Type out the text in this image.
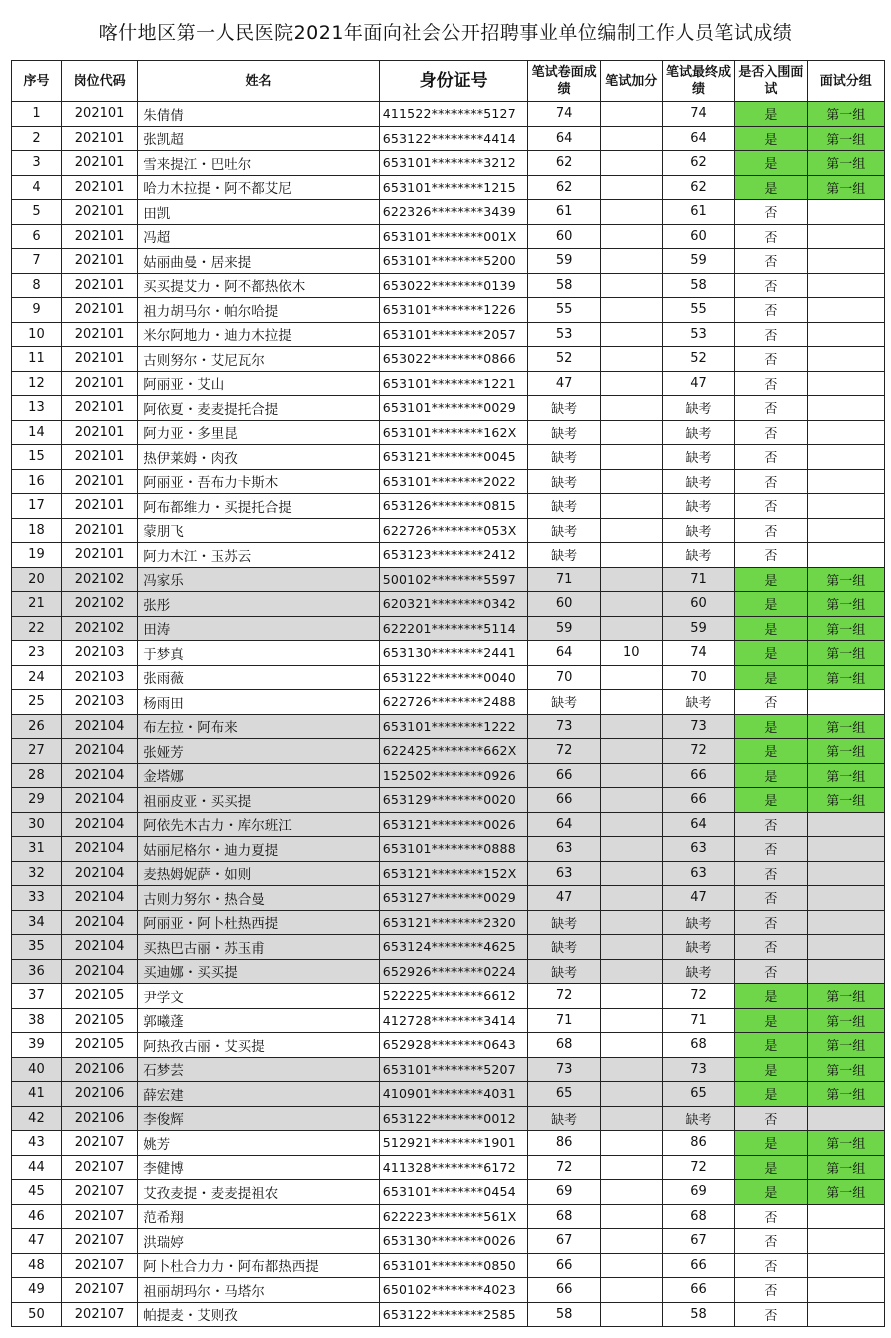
喀什地区第一人民医院2021年面向社会公开招聘事业单位编制工作人员笔试成绩
序号	岗位代码	姓名	身份证号	笔试卷面成绩	笔试加分	笔试最终成绩	是否入围面试	面试分组
1	202101	朱倩倩	411522********5127	74		74	是	第一组
2	202101	张凯超	653122********4414	64		64	是	第一组
3	202101	雪来提江・巴吐尔	653101********3212	62		62	是	第一组
4	202101	哈力木拉提・阿不都艾尼	653101********1215	62		62	是	第一组
5	202101	田凯	622326********3439	61		61	否	
6	202101	冯超	653101********001X	60		60	否	
7	202101	姑丽曲曼・居来提	653101********5200	59		59	否	
8	202101	买买提艾力・阿不都热依木	653022********0139	58		58	否	
9	202101	祖力胡马尔・帕尔哈提	653101********1226	55		55	否	
10	202101	米尔阿地力・迪力木拉提	653101********2057	53		53	否	
11	202101	古则努尔・艾尼瓦尔	653022********0866	52		52	否	
12	202101	阿丽亚・艾山	653101********1221	47		47	否	
13	202101	阿依夏・麦麦提托合提	653101********0029	缺考		缺考	否	
14	202101	阿力亚・多里昆	653101********162X	缺考		缺考	否	
15	202101	热伊莱姆・肉孜	653121********0045	缺考		缺考	否	
16	202101	阿丽亚・吾布力卡斯木	653101********2022	缺考		缺考	否	
17	202101	阿布都维力・买提托合提	653126********0815	缺考		缺考	否	
18	202101	蒙朋飞	622726********053X	缺考		缺考	否	
19	202101	阿力木江・玉苏云	653123********2412	缺考		缺考	否	
20	202102	冯家乐	500102********5597	71		71	是	第一组
21	202102	张彤	620321********0342	60		60	是	第一组
22	202102	田涛	622201********5114	59		59	是	第一组
23	202103	于梦真	653130********2441	64	10	74	是	第一组
24	202103	张雨薇	653122********0040	70		70	是	第一组
25	202103	杨雨田	622726********2488	缺考		缺考	否	
26	202104	布左拉・阿布来	653101********1222	73		73	是	第一组
27	202104	张娅芳	622425********662X	72		72	是	第一组
28	202104	金塔娜	152502********0926	66		66	是	第一组
29	202104	祖丽皮亚・买买提	653129********0020	66		66	是	第一组
30	202104	阿依先木古力・库尔班江	653121********0026	64		64	否	
31	202104	姑丽尼格尔・迪力夏提	653101********0888	63		63	否	
32	202104	麦热姆妮萨・如则	653121********152X	63		63	否	
33	202104	古则力努尔・热合曼	653127********0029	47		47	否	
34	202104	阿丽亚・阿卜杜热西提	653121********2320	缺考		缺考	否	
35	202104	买热巴古丽・苏玉甫	653124********4625	缺考		缺考	否	
36	202104	买迪娜・买买提	652926********0224	缺考		缺考	否	
37	202105	尹学文	522225********6612	72		72	是	第一组
38	202105	郭曦蓬	412728********3414	71		71	是	第一组
39	202105	阿热孜古丽・艾买提	652928********0643	68		68	是	第一组
40	202106	石梦芸	653101********5207	73		73	是	第一组
41	202106	薛宏建	410901********4031	65		65	是	第一组
42	202106	李俊辉	653122********0012	缺考		缺考	否	
43	202107	姚芳	512921********1901	86		86	是	第一组
44	202107	李健博	411328********6172	72		72	是	第一组
45	202107	艾孜麦提・麦麦提祖农	653101********0454	69		69	是	第一组
46	202107	范希翔	622223********561X	68		68	否	
47	202107	洪瑞婷	653130********0026	67		67	否	
48	202107	阿卜杜合力力・阿布都热西提	653101********0850	66		66	否	
49	202107	祖丽胡玛尔・马塔尔	650102********4023	66		66	否	
50	202107	帕提麦・艾则孜	653122********2585	58		58	否	
